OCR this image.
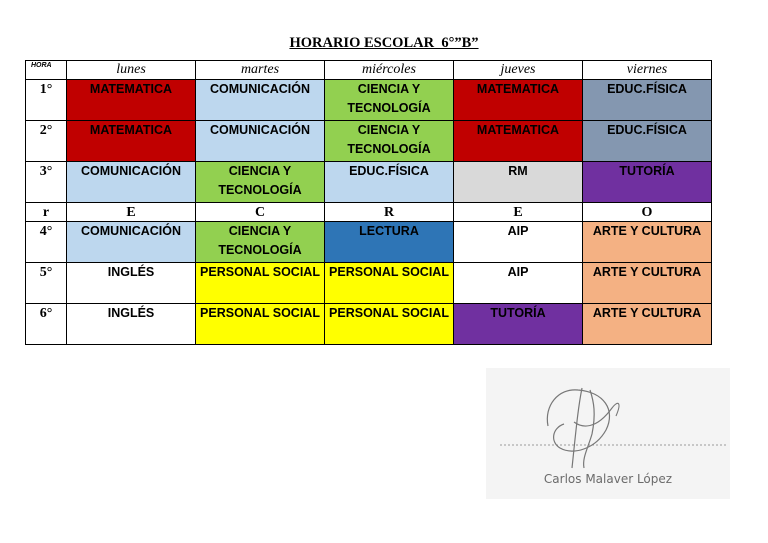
HORARIO ESCOLAR  6°”B”
HORA	lunes	martes	miércoles	jueves	viernes
1°	MATEMATICA	COMUNICACIÓN	CIENCIA Y TECNOLOGÍA	MATEMATICA	EDUC.FÍSICA
2°	MATEMATICA	COMUNICACIÓN	CIENCIA Y TECNOLOGÍA	MATEMATICA	EDUC.FÍSICA
3°	COMUNICACIÓN	CIENCIA Y TECNOLOGÍA	EDUC.FÍSICA	RM	TUTORÍA
r	E	C	R	E	O
4°	COMUNICACIÓN	CIENCIA Y TECNOLOGÍA	LECTURA	AIP	ARTE Y CULTURA
5°	INGLÉS	PERSONAL SOCIAL	PERSONAL SOCIAL	AIP	ARTE Y CULTURA
6°	INGLÉS	PERSONAL SOCIAL	PERSONAL SOCIAL	TUTORÍA	ARTE Y CULTURA
Carlos Malaver López
